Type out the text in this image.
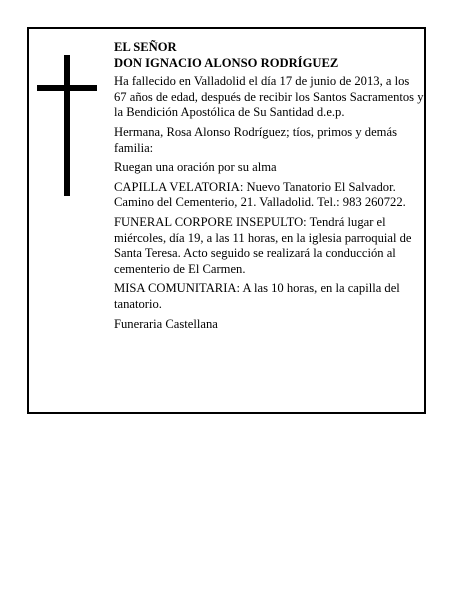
EL SEÑOR

DON IGNACIO ALONSO RODRÍGUEZ

Ha fallecido en Valladolid el día 17 de junio de 2013, a los 67 años de edad, después de recibir los Santos Sacramentos y la Bendición Apostólica de Su Santidad d.e.p.

Hermana, Rosa Alonso Rodríguez; tíos, primos y demás familia:

Ruegan una oración por su alma

CAPILLA VELATORIA: Nuevo Tanatorio El Salvador. Camino del Cementerio, 21. Valladolid. Tel.: 983 260722.

FUNERAL CORPORE INSEPULTO: Tendrá lugar el miércoles, día 19, a las 11 horas, en la iglesia parroquial de Santa Teresa. Acto seguido se realizará la conducción al cementerio de El Carmen.

MISA COMUNITARIA: A las 10 horas, en la capilla del tanatorio.

Funeraria Castellana
